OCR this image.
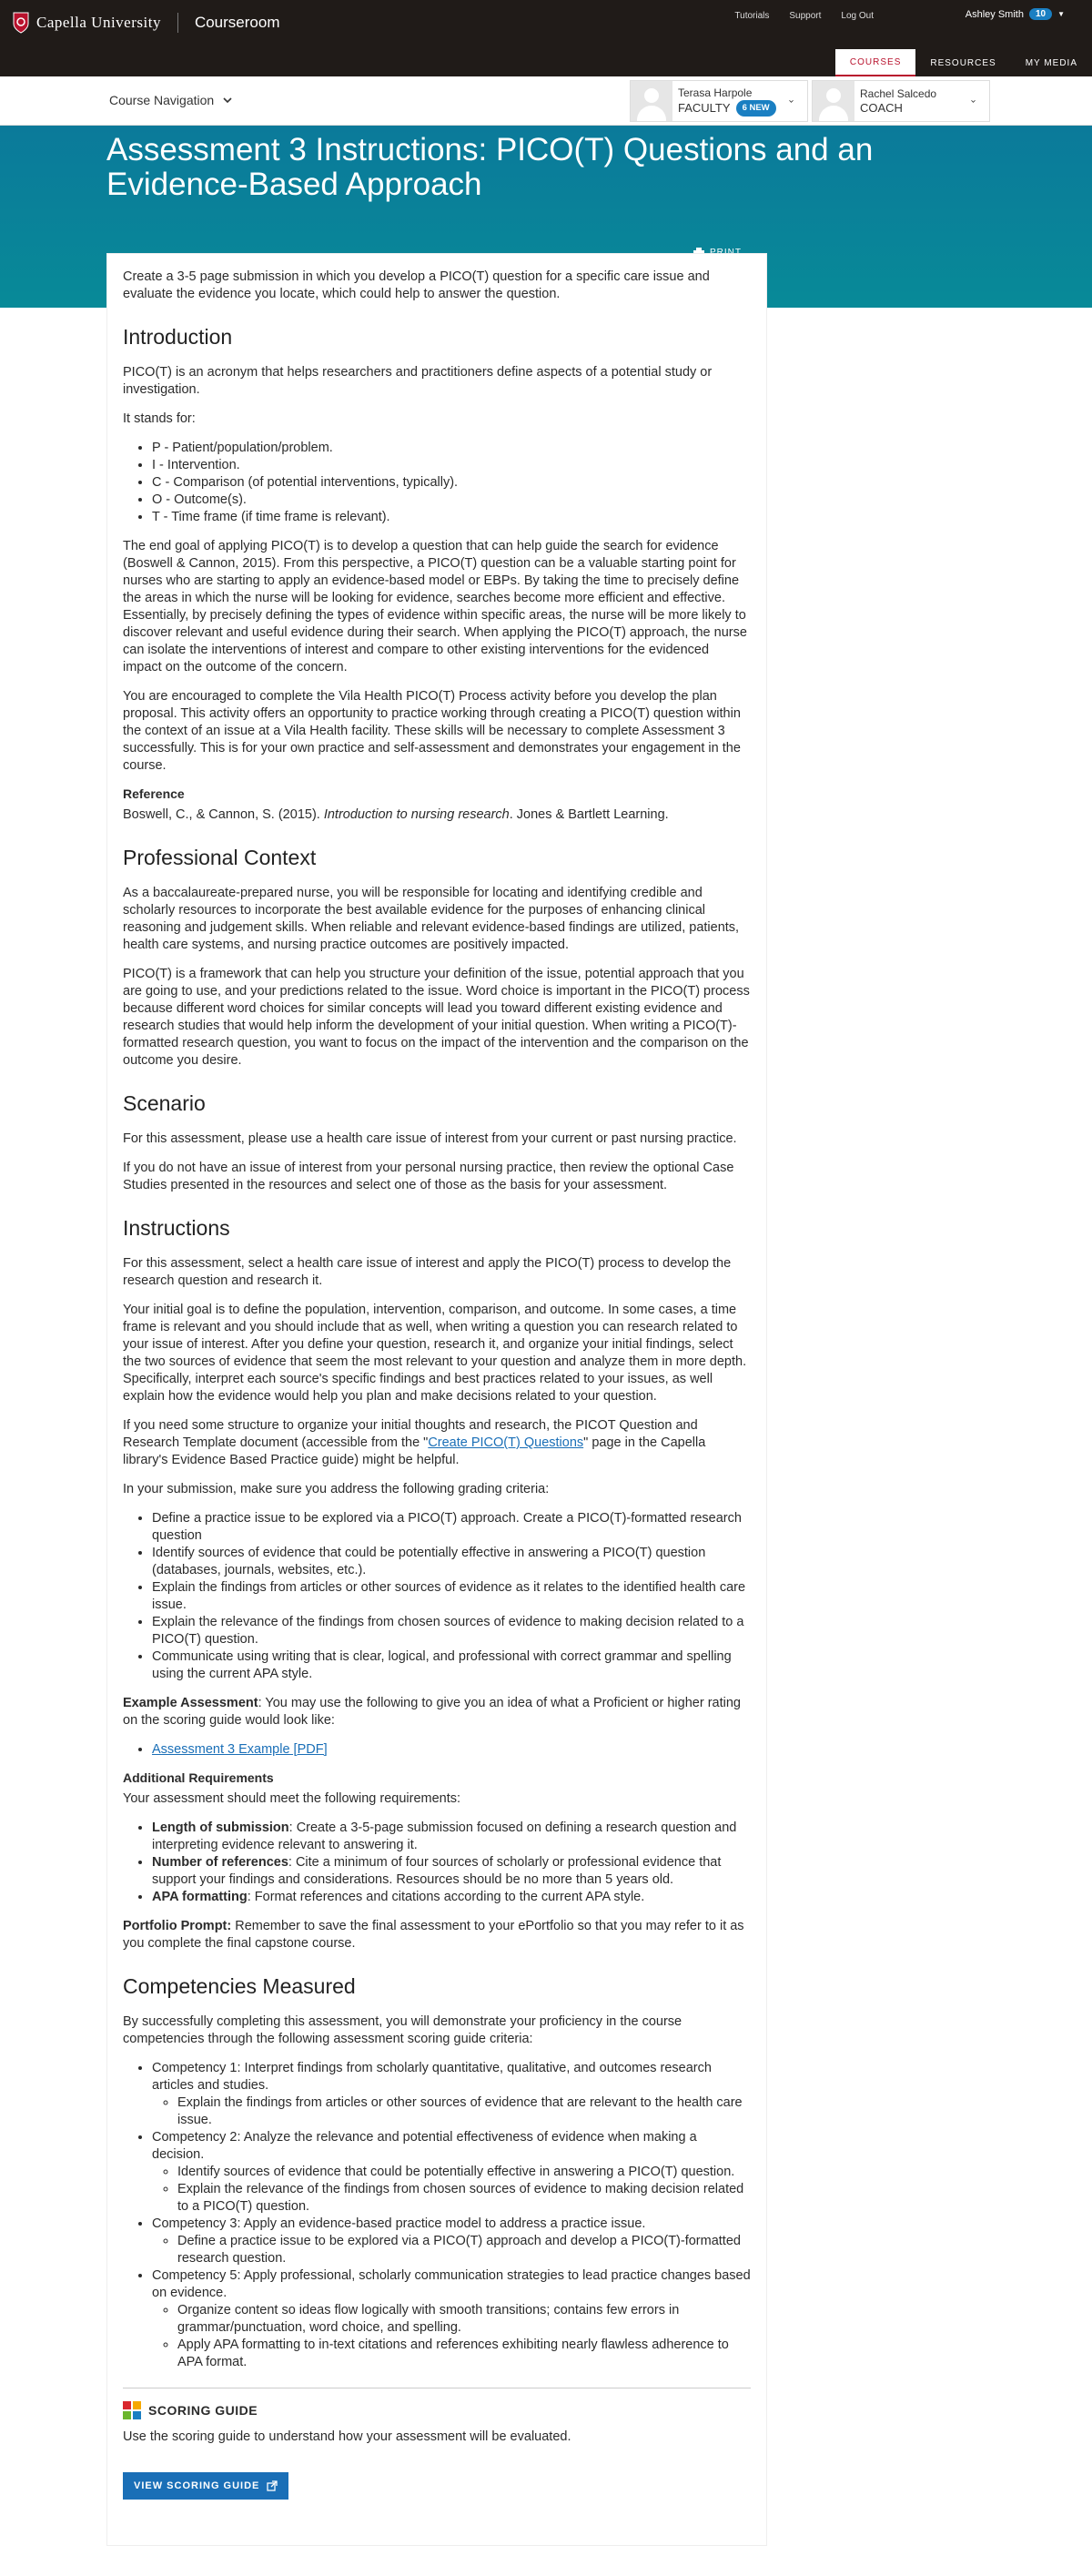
Capella University Courseroom	Tutorials Support Log Out	Ashley Smith	10	▼
COURSES	RESOURCES	MY MEDIA
Course Navigation	Terasa Harpole
FACULTY	6 NEW
Rachel Salcedo
COACH
Assessment 3 Instructions: PICO(T) Questions and an Evidence-Based Approach

Create a 3-5 page submission in which you develop a PICO(T) question for a specific care issue and evaluate the evidence you locate, which could help to answer the question.

Introduction

PICO(T) is an acronym that helps researchers and practitioners define aspects of a potential study or investigation.

It stands for:

• P - Patient/population/problem.
• I - Intervention.
• C - Comparison (of potential interventions, typically).
• O - Outcome(s).
• T - Time frame (if time frame is relevant).

The end goal of applying PICO(T) is to develop a question that can help guide the search for evidence (Boswell & Cannon, 2015). From this perspective, a PICO(T) question can be a valuable starting point for nurses who are starting to apply an evidence-based model or EBPs. By taking the time to precisely define the areas in which the nurse will be looking for evidence, searches become more efficient and effective. Essentially, by precisely defining the types of evidence within specific areas, the nurse will be more likely to discover relevant and useful evidence during their search. When applying the PICO(T) approach, the nurse can isolate the interventions of interest and compare to other existing interventions for the evidenced impact on the outcome of the concern.

You are encouraged to complete the Vila Health PICO(T) Process activity before you develop the plan proposal. This activity offers an opportunity to practice working through creating a PICO(T) question within the context of an issue at a Vila Health facility. These skills will be necessary to complete Assessment 3 successfully. This is for your own practice and self-assessment and demonstrates your engagement in the course.

Reference

Boswell, C., & Cannon, S. (2015). Introduction to nursing research. Jones & Bartlett Learning.

Professional Context

As a baccalaureate-prepared nurse, you will be responsible for locating and identifying credible and scholarly resources to incorporate the best available evidence for the purposes of enhancing clinical reasoning and judgement skills. When reliable and relevant evidence-based findings are utilized, patients, health care systems, and nursing practice outcomes are positively impacted.

PICO(T) is a framework that can help you structure your definition of the issue, potential approach that you are going to use, and your predictions related to the issue. Word choice is important in the PICO(T) process because different word choices for similar concepts will lead you toward different existing evidence and research studies that would help inform the development of your initial question. When writing a PICO(T)-formatted research question, you want to focus on the impact of the intervention and the comparison on the outcome you desire.

Scenario

For this assessment, please use a health care issue of interest from your current or past nursing practice.

If you do not have an issue of interest from your personal nursing practice, then review the optional Case Studies presented in the resources and select one of those as the basis for your assessment.

Instructions

For this assessment, select a health care issue of interest and apply the PICO(T) process to develop the research question and research it.

Your initial goal is to define the population, intervention, comparison, and outcome. In some cases, a time frame is relevant and you should include that as well, when writing a question you can research related to your issue of interest. After you define your question, research it, and organize your initial findings, select the two sources of evidence that seem the most relevant to your question and analyze them in more depth. Specifically, interpret each source's specific findings and best practices related to your issues, as well explain how the evidence would help you plan and make decisions related to your question.

If you need some structure to organize your initial thoughts and research, the PICOT Question and Research Template document (accessible from the "Create PICO(T) Questions" page in the Capella library's Evidence Based Practice guide) might be helpful.

In your submission, make sure you address the following grading criteria:

• Define a practice issue to be explored via a PICO(T) approach. Create a PICO(T)-formatted research question
• Identify sources of evidence that could be potentially effective in answering a PICO(T) question (databases, journals, websites, etc.).
• Explain the findings from articles or other sources of evidence as it relates to the identified health care issue.
• Explain the relevance of the findings from chosen sources of evidence to making decision related to a PICO(T) question.
• Communicate using writing that is clear, logical, and professional with correct grammar and spelling using the current APA style.

Example Assessment: You may use the following to give you an idea of what a Proficient or higher rating on the scoring guide would look like:

• Assessment 3 Example [PDF]
Additional Requirements

Your assessment should meet the following requirements:

• Length of submission: Create a 3-5-page submission focused on defining a research question and interpreting evidence relevant to answering it.
• Number of references: Cite a minimum of four sources of scholarly or professional evidence that support your findings and considerations. Resources should be no more than 5 years old.
• APA formatting: Format references and citations according to the current APA style.

Portfolio Prompt: Remember to save the final assessment to your ePortfolio so that you may refer to it as you complete the final capstone course.

Competencies Measured

By successfully completing this assessment, you will demonstrate your proficiency in the course competencies through the following assessment scoring guide criteria:

• Competency 1: Interpret findings from scholarly quantitative, qualitative, and outcomes research articles and studies.
◦ Explain the findings from articles or other sources of evidence that are relevant to the health care issue.
• Competency 2: Analyze the relevance and potential effectiveness of evidence when making a decision.
◦ Identify sources of evidence that could be potentially effective in answering a PICO(T) question.
◦ Explain the relevance of the findings from chosen sources of evidence to making decision related to a PICO(T) question.
• Competency 3: Apply an evidence-based practice model to address a practice issue.
◦ Define a practice issue to be explored via a PICO(T) approach and develop a PICO(T)-formatted research question.
• Competency 5: Apply professional, scholarly communication strategies to lead practice changes based on evidence.
◦ Organize content so ideas flow logically with smooth transitions; contains few errors in grammar/punctuation, word choice, and spelling.
◦ Apply APA formatting to in-text citations and references exhibiting nearly flawless adherence to APA format.
SCORING GUIDE

Use the scoring guide to understand how your assessment will be evaluated.

VIEW SCORING GUIDE
